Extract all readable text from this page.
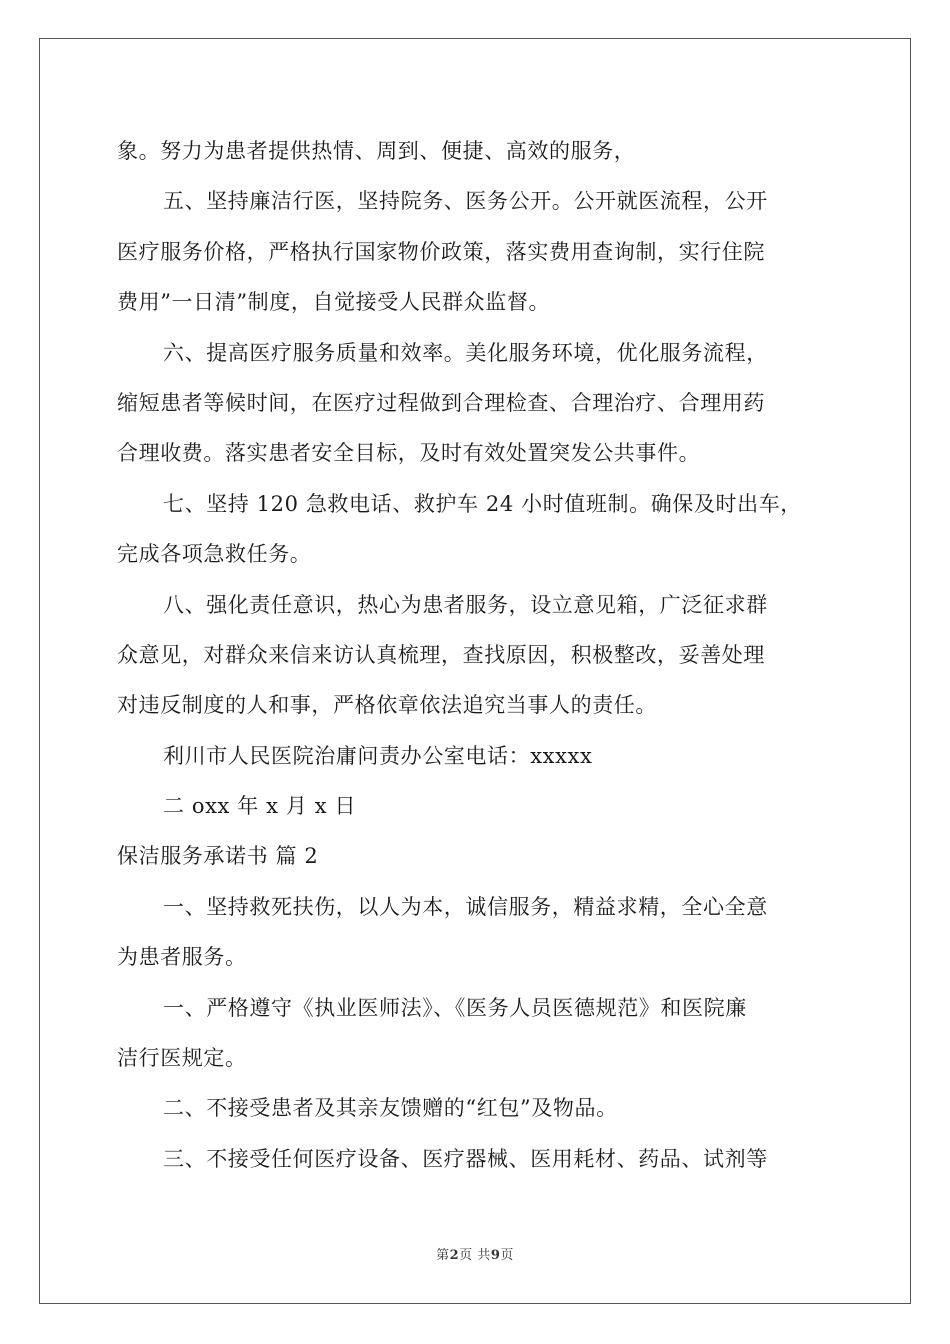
象。努力为患者提供热情、周到、便捷、高效的服务，
五、坚持廉洁行医，坚持院务、医务公开。公开就医流程，公开
医疗服务价格，严格执行国家物价政策，落实费用查询制，实行住院
费用”一日清”制度，自觉接受人民群众监督。
六、提高医疗服务质量和效率。美化服务环境，优化服务流程，
缩短患者等候时间，在医疗过程做到合理检查、合理治疗、合理用药
合理收费。落实患者安全目标，及时有效处置突发公共事件。
七、坚持 120 急救电话、救护车 24 小时值班制。确保及时出车，
完成各项急救任务。
八、强化责任意识，热心为患者服务，设立意见箱，广泛征求群
众意见，对群众来信来访认真梳理，查找原因，积极整改，妥善处理
对违反制度的人和事，严格依章依法追究当事人的责任。
利川市人民医院治庸问责办公室电话：xxxxx
二 oxx 年 x 月 x 日
保洁服务承诺书 篇 2
一、坚持救死扶伤，以人为本，诚信服务，精益求精，全心全意
为患者服务。
一、严格遵守《执业医师法》、《医务人员医德规范》和医院廉
洁行医规定。
二、不接受患者及其亲友馈赠的“红包”及物品。
三、不接受任何医疗设备、医疗器械、医用耗材、药品、试剂等
第2页 共9页
